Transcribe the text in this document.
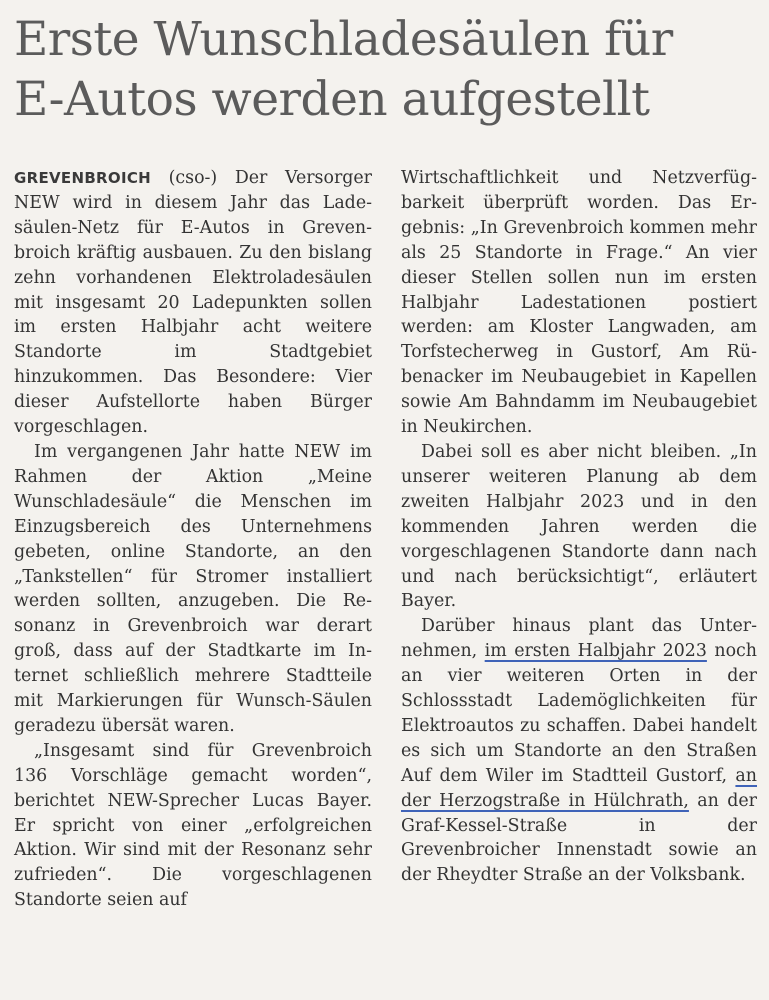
Erste Wunschladesäulen für
E-Autos werden aufgestellt

GREVENBROICH (cso-) Der Versorger NEW wird in diesem Jahr das Ladesäulen-Netz für E-Autos in Grevenbroich kräftig ausbauen. Zu den bislang zehn vorhandenen Elektroladesäulen mit insgesamt 20 Ladepunkten sollen im ersten Halbjahr acht weitere Standorte im Stadtgebiet hinzukommen. Das Besondere: Vier dieser Aufstellorte haben Bürger vorgeschlagen.

Im vergangenen Jahr hatte NEW im Rahmen der Aktion „Meine Wunschladesäule“ die Menschen im Einzugsbereich des Unternehmens gebeten, online Standorte, an den „Tankstellen“ für Stromer installiert werden sollten, anzugeben. Die Resonanz in Grevenbroich war derart groß, dass auf der Stadtkarte im Internet schließlich mehrere Stadtteile mit Markierungen für Wunsch-Säulen geradezu übersät waren.

„Insgesamt sind für Grevenbroich 136 Vorschläge gemacht worden“, berichtet NEW-Sprecher Lucas Bayer. Er spricht von einer „erfolgreichen Aktion. Wir sind mit der Resonanz sehr zufrieden“. Die vorgeschlagenen Standorte seien auf

Wirtschaftlichkeit und Netzverfügbarkeit überprüft worden. Das Ergebnis: „In Grevenbroich kommen mehr als 25 Standorte in Frage.“ An vier dieser Stellen sollen nun im ersten Halbjahr Ladestationen postiert werden: am Kloster Langwaden, am Torfstecherweg in Gustorf, Am Rübenacker im Neubaugebiet in Kapellen sowie Am Bahndamm im Neubaugebiet in Neukirchen.

Dabei soll es aber nicht bleiben. „In unserer weiteren Planung ab dem zweiten Halbjahr 2023 und in den kommenden Jahren werden die vorgeschlagenen Standorte dann nach und nach berücksichtigt“, erläutert Bayer.

Darüber hinaus plant das Unternehmen, im ersten Halbjahr 2023 noch an vier weiteren Orten in der Schlossstadt Lademöglichkeiten für Elektroautos zu schaffen. Dabei handelt es sich um Standorte an den Straßen Auf dem Wiler im Stadtteil Gustorf, an der Herzogstraße in Hülchrath, an der Graf-Kessel-Straße in der Grevenbroicher Innenstadt sowie an der Rheydter Straße an der Volksbank.
